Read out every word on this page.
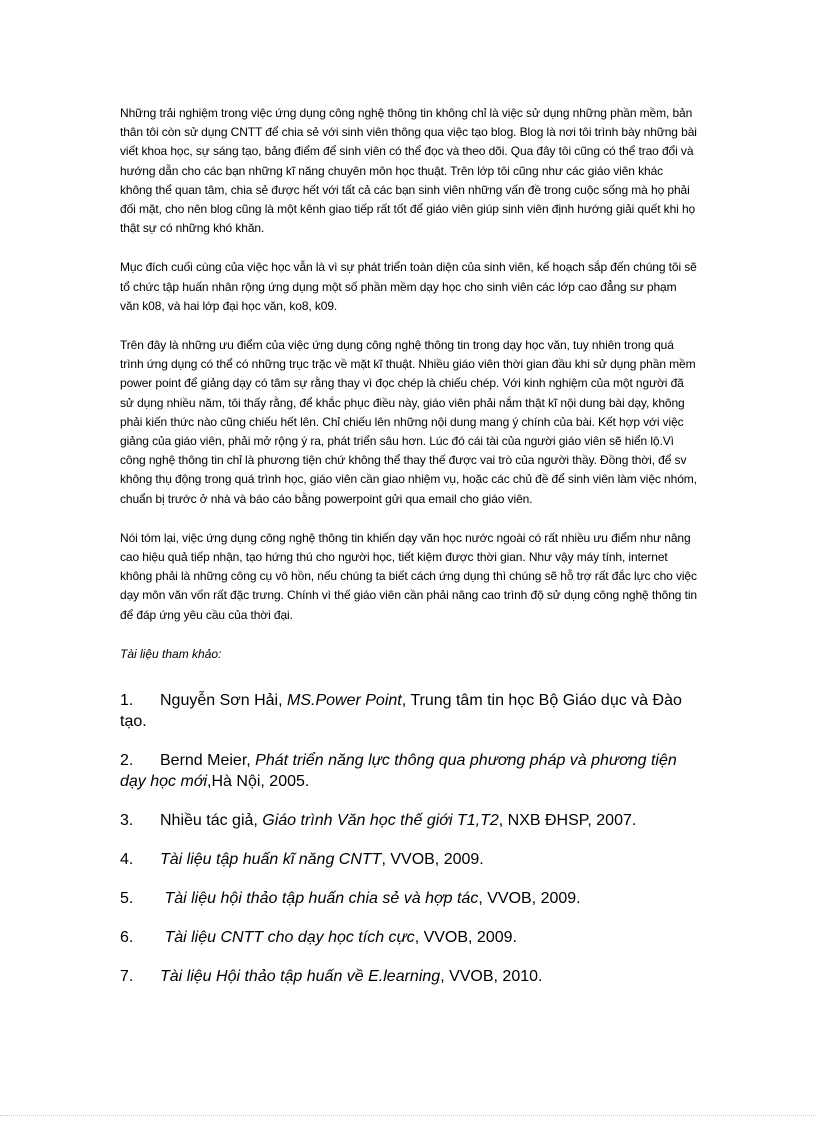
Những trải nghiệm trong việc ứng dụng công nghệ thông tin không chỉ là việc sử dụng những phần mềm, bản thân tôi còn sử dụng CNTT để chia sẻ với sinh viên thông qua việc tạo blog. Blog là nơi tôi trình bày những bài viết khoa học, sự sáng tạo, bảng điểm để sinh viên có thể đọc và theo dõi. Qua đây tôi cũng có thể trao đổi và hướng dẫn cho các bạn những kĩ năng chuyên môn học thuật. Trên lớp tôi cũng như các giáo viên khác không thể quan tâm, chia sẻ được hết với tất cả các bạn sinh viên những vấn đề trong cuộc sống mà họ phải đối mặt, cho nên blog cũng là một kênh giao tiếp rất tốt để giáo viên giúp sinh viên định hướng giải quết khi họ thật sự có những khó khăn.

Mục đích cuối cùng của việc học vẫn là vì sự phát triển toàn diện của sinh viên, kế hoạch sắp đến chúng tôi sẽ tổ chức tập huấn nhân rộng ứng dụng một số phần mềm dạy học cho sinh viên các lớp cao đẳng sư phạm văn k08, và hai lớp đại học văn, ko8, k09.

Trên đây là những ưu điểm của việc ứng dụng công nghệ thông tin trong dạy học văn, tuy nhiên trong quá trình ứng dụng có thể có những trục trặc về mặt kĩ thuật. Nhiều giáo viên thời gian đầu khi sử dụng phần mềm power point để giảng dạy có tâm sự rằng thay vì đọc chép là chiếu chép. Với kinh nghiệm của một người đã sử dụng nhiều năm, tôi thấy rằng, để khắc phục điều này, giáo viên phải nắm thật kĩ nội dung bài dạy, không phải kiến thức nào cũng chiếu hết lên. Chỉ chiếu lên những nội dung mang ý chính của bài. Kết hợp với việc giảng của giáo viên, phải mở rộng ý ra, phát triển sâu hơn. Lúc đó cái tài của người giáo viên sẽ hiển lộ.Vì công nghệ thông tin chỉ là phương tiện chứ không thể thay thế được vai trò của người thầy. Đồng thời, để sv không thụ động trong quá trình học, giáo viên cần giao nhiệm vụ, hoặc các chủ đề để sinh viên làm việc nhóm, chuẩn bị trước ở nhà và báo cáo bằng powerpoint gửi qua email cho giáo viên.

Nói tóm lại, việc ứng dụng công nghệ thông tin khiến dạy văn học nước ngoài có rất nhiều ưu điểm như nâng cao hiệu quả tiếp nhận, tạo hứng thú cho người học, tiết kiệm được thời gian. Như vậy máy tính, internet không phải là những công cụ vô hồn, nếu chúng ta biết cách ứng dụng thì chúng sẽ hỗ trợ rất đắc lực cho việc dạy môn văn vốn rất đặc trưng. Chính vì thế giáo viên cần phải nâng cao trình độ sử dụng công nghệ thông tin để đáp ứng yêu cầu của thời đại.

Tài liệu tham khảo:
1. Nguyễn Sơn Hải, MS.Power Point, Trung tâm tin học Bộ Giáo dục và Đào tạo.
2. Bernd Meier, Phát triển năng lực thông qua phương pháp và phương tiện dạy học mới,Hà Nội, 2005.
3. Nhiều tác giả, Giáo trình Văn học thế giới T1,T2, NXB ĐHSP, 2007.
4. Tài liệu tập huấn kĩ năng CNTT, VVOB, 2009.
5. Tài liệu hội thảo tập huấn chia sẻ và hợp tác, VVOB, 2009.
6. Tài liệu CNTT cho dạy học tích cực, VVOB, 2009.
7. Tài liệu Hội thảo tập huấn về E.learning, VVOB, 2010.
